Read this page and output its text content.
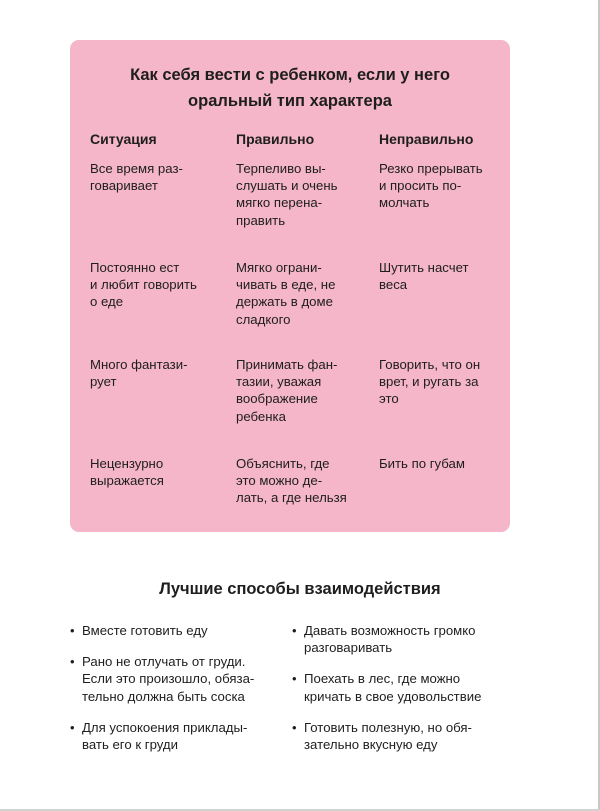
Как себя вести с ребенком, если у него
оральный тип характера
Ситуация	Правильно	Неправильно
Все время раз-
говаривает
Терпеливо вы-
слушать и очень
мягко перена-
править
Резко прерывать
и просить по-
молчать
Постоянно ест
и любит говорить
о еде
Мягко ограни-
чивать в еде, не
держать в доме
сладкого
Шутить насчет
веса
Много фантази-
рует
Принимать фан-
тазии, уважая
воображение
ребенка
Говорить, что он
врет, и ругать за
это
Нецензурно
выражается
Объяснить, где
это можно де-
лать, а где нельзя
Бить по губам
Лучшие способы взаимодействия
• Вместе готовить еду
• Рано не отлучать от груди.
Если это произошло, обяза-
тельно должна быть соска
• Для успокоения приклады-
вать его к груди
• Давать возможность громко
разговаривать
• Поехать в лес, где можно
кричать в свое удовольствие
• Готовить полезную, но обя-
зательно вкусную еду
